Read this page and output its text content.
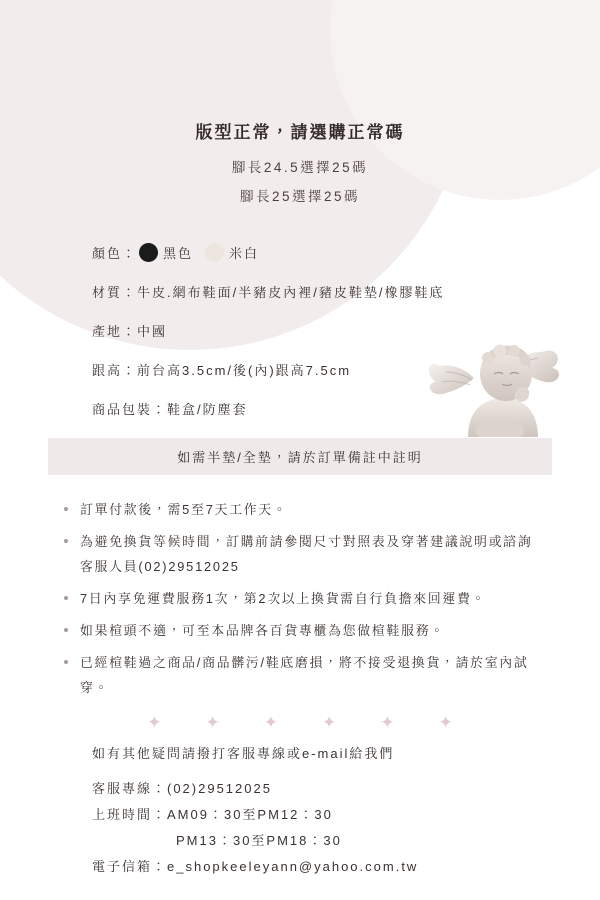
版型正常，請選購正常碼
腳長24.5選擇25碼
腳長25選擇25碼
顏色： 黑色	米白
材質： 牛皮.網布鞋面/半豬皮內裡/豬皮鞋墊/橡膠鞋底
產地： 中國
跟高： 前台高3.5cm/後(內)跟高7.5cm
商品包裝： 鞋盒/防塵套
如需半墊/全墊，請於訂單備註中註明
訂單付款後，需5至7天工作天。
為避免換貨等候時間，訂購前請參閱尺寸對照表及穿著建議說明或諮詢客服人員(02)29512025
7日內享免運費服務1次，第2次以上換貨需自行負擔來回運費。
如果楦頭不適，可至本品牌各百貨專櫃為您做楦鞋服務。
已經楦鞋過之商品/商品髒污/鞋底磨損，將不接受退換貨，請於室內試穿。
✦	✦	✦	✦	✦	✦
如有其他疑問請撥打客服專線或e-mail給我們
客服專線：(02)29512025
上班時間：AM09：30至PM12：30
PM13：30至PM18：30
電子信箱：e_shopkeeleyann@yahoo.com.tw
